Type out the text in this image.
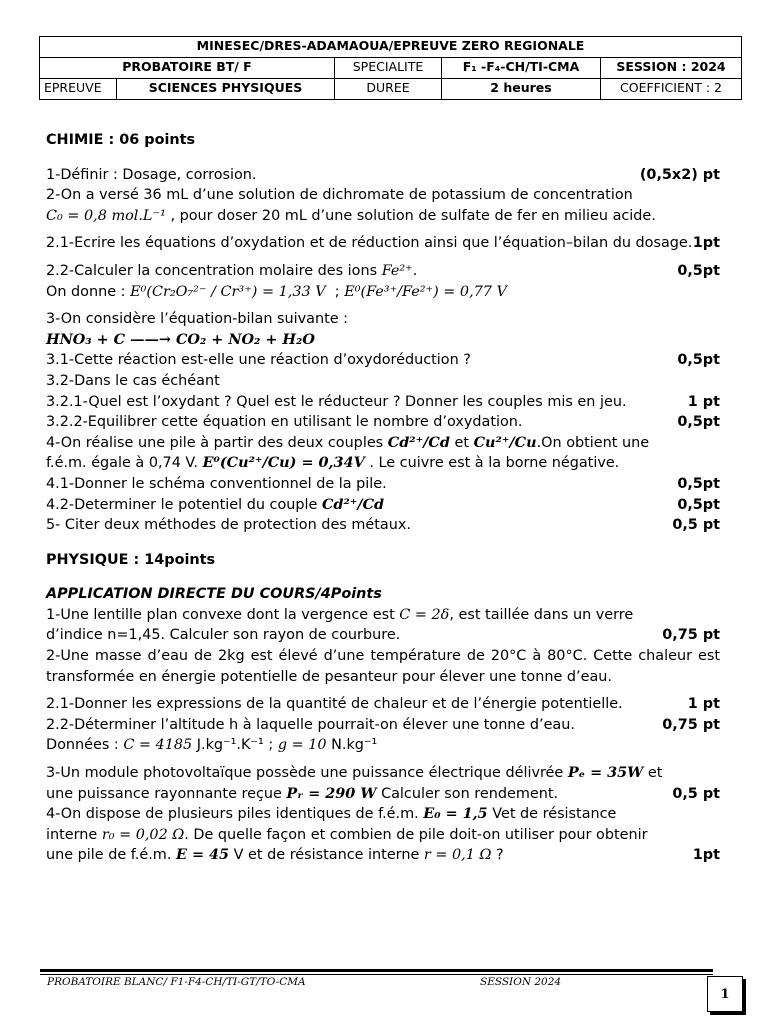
MINESEC/DRES-ADAMAOUA/EPREUVE ZERO REGIONALE				
PROBATOIRE BT/ F		SPECIALITE	F₁ -F₄-CH/TI-CMA	SESSION : 2024
EPREUVE	SCIENCES PHYSIQUES	DUREE	2 heures	COEFFICIENT : 2

CHIMIE : 06 points

1-Définir : Dosage, corrosion.	(0,5x2) pt

2-On a versé 36 mL d’une solution de dichromate de potassium de concentration
C₀ = 0,8 mol.L⁻¹ , pour doser 20 mL d’une solution de sulfate de fer en milieu acide.

2.1-Ecrire les équations d’oxydation et de réduction ainsi que l’équation–bilan du dosage. 1pt
2.2-Calculer la concentration molaire des ions Fe²⁺.	0,5pt

On donne : E⁰(Cr₂O₇²⁻ / Cr³⁺) = 1,33 V  ; E⁰(Fe³⁺/Fe²⁺) = 0,77 V

3-On considère l’équation-bilan suivante :

HNO₃ + C ——→ CO₂ + NO₂ + H₂O

3.1-Cette réaction est-elle une réaction d’oxydoréduction ?	0,5pt

3.2-Dans le cas échéant

3.2.1-Quel est l’oxydant ? Quel est le réducteur ? Donner les couples mis en jeu.	1 pt
3.2.2-Equilibrer cette équation en utilisant le nombre d’oxydation.	0,5pt

4-On réalise une pile à partir des deux couples Cd²⁺/Cd et Cu²⁺/Cu.On obtient une
f.é.m. égale à 0,74 V. E⁰(Cu²⁺/Cu) = 0,34V . Le cuivre est à la borne négative.

4.1-Donner le schéma conventionnel de la pile.	0,5pt
4.2-Determiner le potentiel du couple Cd²⁺/Cd	0,5pt
5- Citer deux méthodes de protection des métaux.	0,5 pt

PHYSIQUE : 14points

APPLICATION DIRECTE DU COURS/4Points

1-Une lentille plan convexe dont la vergence est C = 2δ, est taillée dans un verre

d’indice n=1,45. Calculer son rayon de courbure.	0,75 pt

2-Une masse d’eau de 2kg est élevé d’une température de 20°C à 80°C. Cette chaleur est transformée en énergie potentielle de pesanteur pour élever une tonne d’eau.

2.1-Donner les expressions de la quantité de chaleur et de l’énergie potentielle.	1 pt
2.2-Déterminer l’altitude h à laquelle pourrait-on élever une tonne d’eau.	0,75 pt

Données : C = 4185 J.kg⁻¹.K⁻¹ ; g = 10 N.kg⁻¹

3-Un module photovoltaïque possède une puissance électrique délivrée Pₑ = 35W et

une puissance rayonnante reçue Pᵣ = 290 W Calculer son rendement.	0,5 pt

4-On dispose de plusieurs piles identiques de f.é.m. E₀ = 1,5 Vet de résistance
interne r₀ = 0,02 Ω. De quelle façon et combien de pile doit-on utiliser pour obtenir

une pile de f.é.m. E = 45 V et de résistance interne r = 0,1 Ω ?	1pt
PROBATOIRE BLANC/ F1-F4-CH/TI-GT/TO-CMA	SESSION 2024
1
